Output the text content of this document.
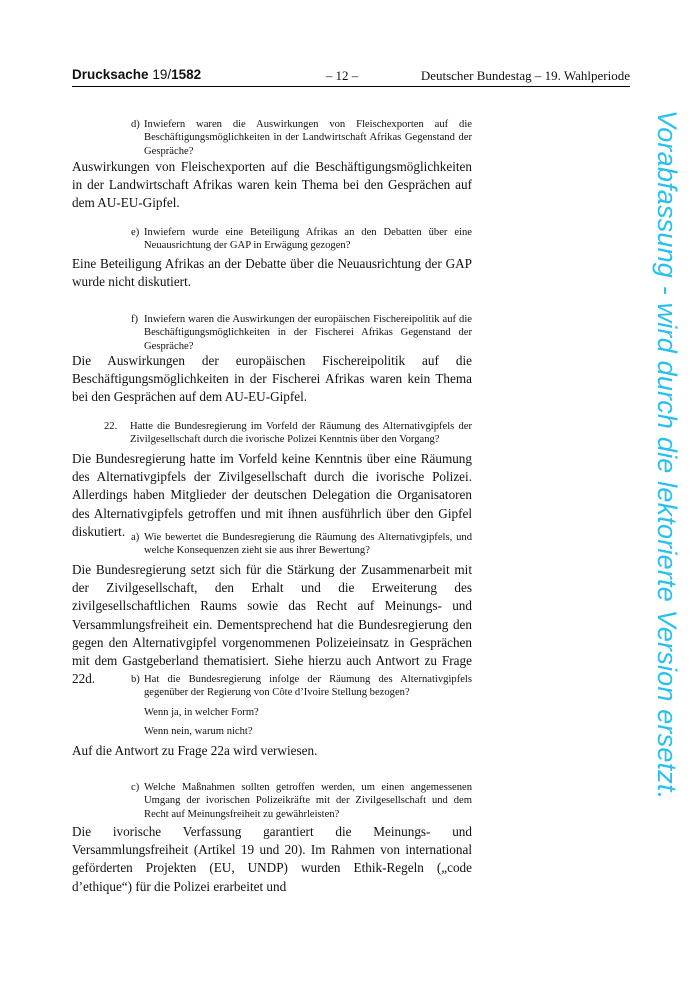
Drucksache 19/1582	– 12 –	Deutscher Bundestag – 19. Wahlperiode
d) Inwiefern waren die Auswirkungen von Fleischexporten auf die Beschäftigungsmöglichkeiten in der Landwirtschaft Afrikas Gegenstand der Gespräche?
Auswirkungen von Fleischexporten auf die Beschäftigungsmöglichkeiten in der Landwirtschaft Afrikas waren kein Thema bei den Gesprächen auf dem AU-EU-Gipfel.
e) Inwiefern wurde eine Beteiligung Afrikas an den Debatten über eine Neuausrichtung der GAP in Erwägung gezogen?
Eine Beteiligung Afrikas an der Debatte über die Neuausrichtung der GAP wurde nicht diskutiert.
f) Inwiefern waren die Auswirkungen der europäischen Fischereipolitik auf die Beschäftigungsmöglichkeiten in der Fischerei Afrikas Gegenstand der Gespräche?
Die Auswirkungen der europäischen Fischereipolitik auf die Beschäftigungsmöglichkeiten in der Fischerei Afrikas waren kein Thema bei den Gesprächen auf dem AU-EU-Gipfel.
22. Hatte die Bundesregierung im Vorfeld der Räumung des Alternativgipfels der Zivilgesellschaft durch die ivorische Polizei Kenntnis über den Vorgang?
Die Bundesregierung hatte im Vorfeld keine Kenntnis über eine Räumung des Alternativgipfels der Zivilgesellschaft durch die ivorische Polizei. Allerdings haben Mitglieder der deutschen Delegation die Organisatoren des Alternativgipfels getroffen und mit ihnen ausführlich über den Gipfel diskutiert. a) Wie bewertet die Bundesregierung die Räumung des Alternativgipfels, und welche Konsequenzen zieht sie aus ihrer Bewertung?
Die Bundesregierung setzt sich für die Stärkung der Zusammenarbeit mit der Zivilgesellschaft, den Erhalt und die Erweiterung des zivilgesellschaftlichen Raums sowie das Recht auf Meinungs- und Versammlungsfreiheit ein. Dementsprechend hat die Bundesregierung den gegen den Alternativgipfel vorgenommenen Polizeieinsatz in Gesprächen mit dem Gastgeberland thematisiert. Siehe hierzu auch Antwort zu Frage 22d.	b) Hat die Bundesregierung infolge der Räumung des Alternativgipfels gegenüber der Regierung von Côte d’Ivoire Stellung bezogen?
Wenn ja, in welcher Form?
Wenn nein, warum nicht?
Auf die Antwort zu Frage 22a wird verwiesen.
c) Welche Maßnahmen sollten getroffen werden, um einen angemessenen Umgang der ivorischen Polizeikräfte mit der Zivilgesellschaft und dem Recht auf Meinungsfreiheit zu gewährleisten?
Die ivorische Verfassung garantiert die Meinungs- und Versammlungsfreiheit (Artikel 19 und 20). Im Rahmen von international geförderten Projekten (EU, UNDP) wurden Ethik-Regeln („code d’ethique“) für die Polizei erarbeitet und
Vorabfassung - wird durch die lektorierte Version ersetzt.
